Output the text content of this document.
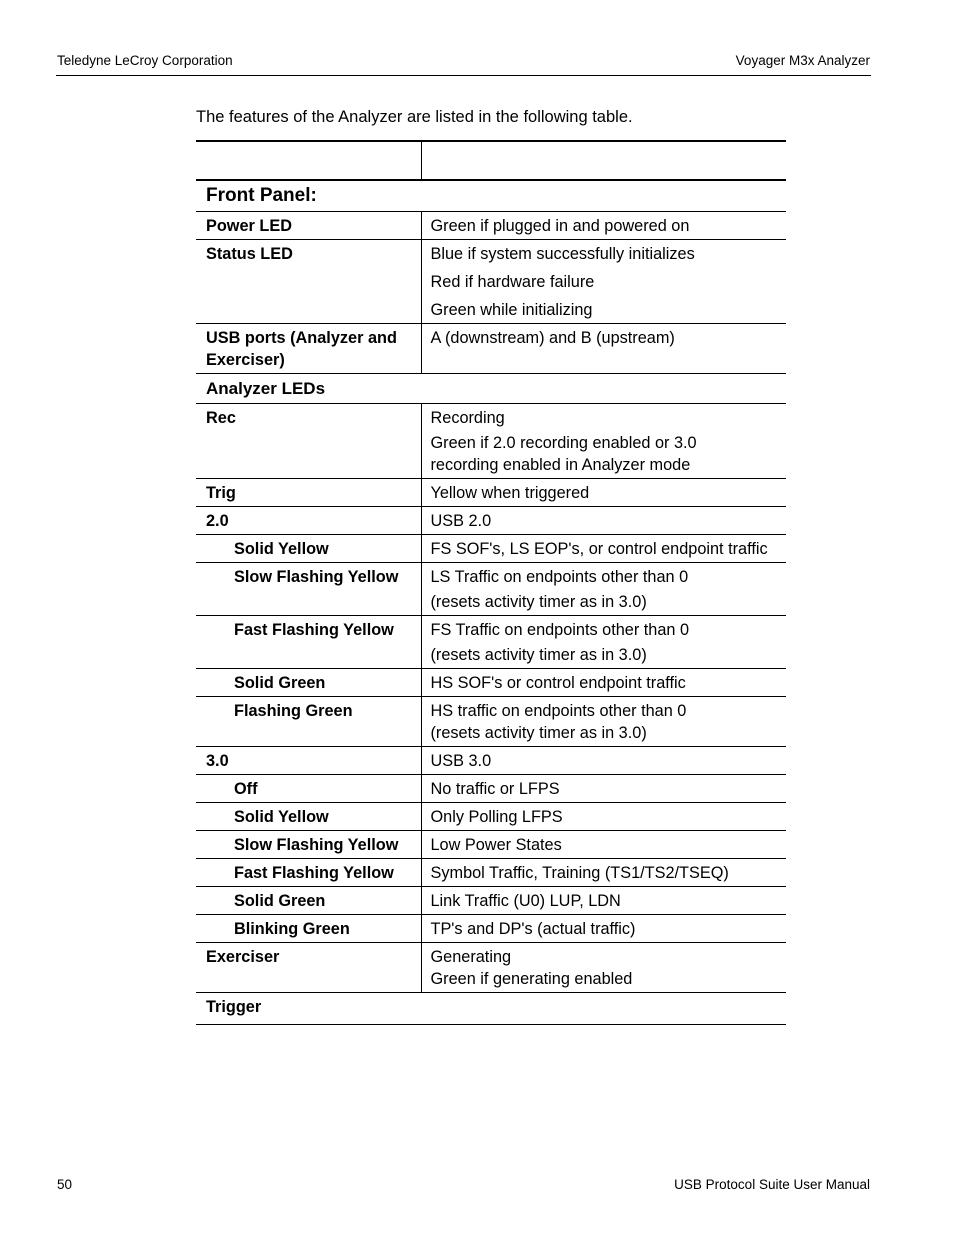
Teledyne LeCroy Corporation	Voyager M3x Analyzer
The features of the Analyzer are listed in the following table.

Front Panel:	

Power LED	Green if plugged in and powered on

Status LED	Blue if system successfully initializes
Red if hardware failure
Green while initializing

USB ports (Analyzer and
Exerciser)	A (downstream) and B (upstream)

Analyzer LEDs	

Rec	Recording
Green if 2.0 recording enabled or 3.0
recording enabled in Analyzer mode

Trig	Yellow when triggered

2.0	USB 2.0

Solid Yellow	FS SOF's, LS EOP's, or control endpoint traffic

Slow Flashing Yellow	LS Traffic on endpoints other than 0
(resets activity timer as in 3.0)

Fast Flashing Yellow	FS Traffic on endpoints other than 0
(resets activity timer as in 3.0)

Solid Green	HS SOF's or control endpoint traffic

Flashing Green	HS traffic on endpoints other than 0
(resets activity timer as in 3.0)

3.0	USB 3.0

Off	No traffic or LFPS

Solid Yellow	Only Polling LFPS

Slow Flashing Yellow	Low Power States

Fast Flashing Yellow	Symbol Traffic, Training (TS1/TS2/TSEQ)

Solid Green	Link Traffic (U0) LUP, LDN

Blinking Green	TP's and DP's (actual traffic)

Exerciser	Generating
Green if generating enabled

Trigger	
50	USB Protocol Suite User Manual
